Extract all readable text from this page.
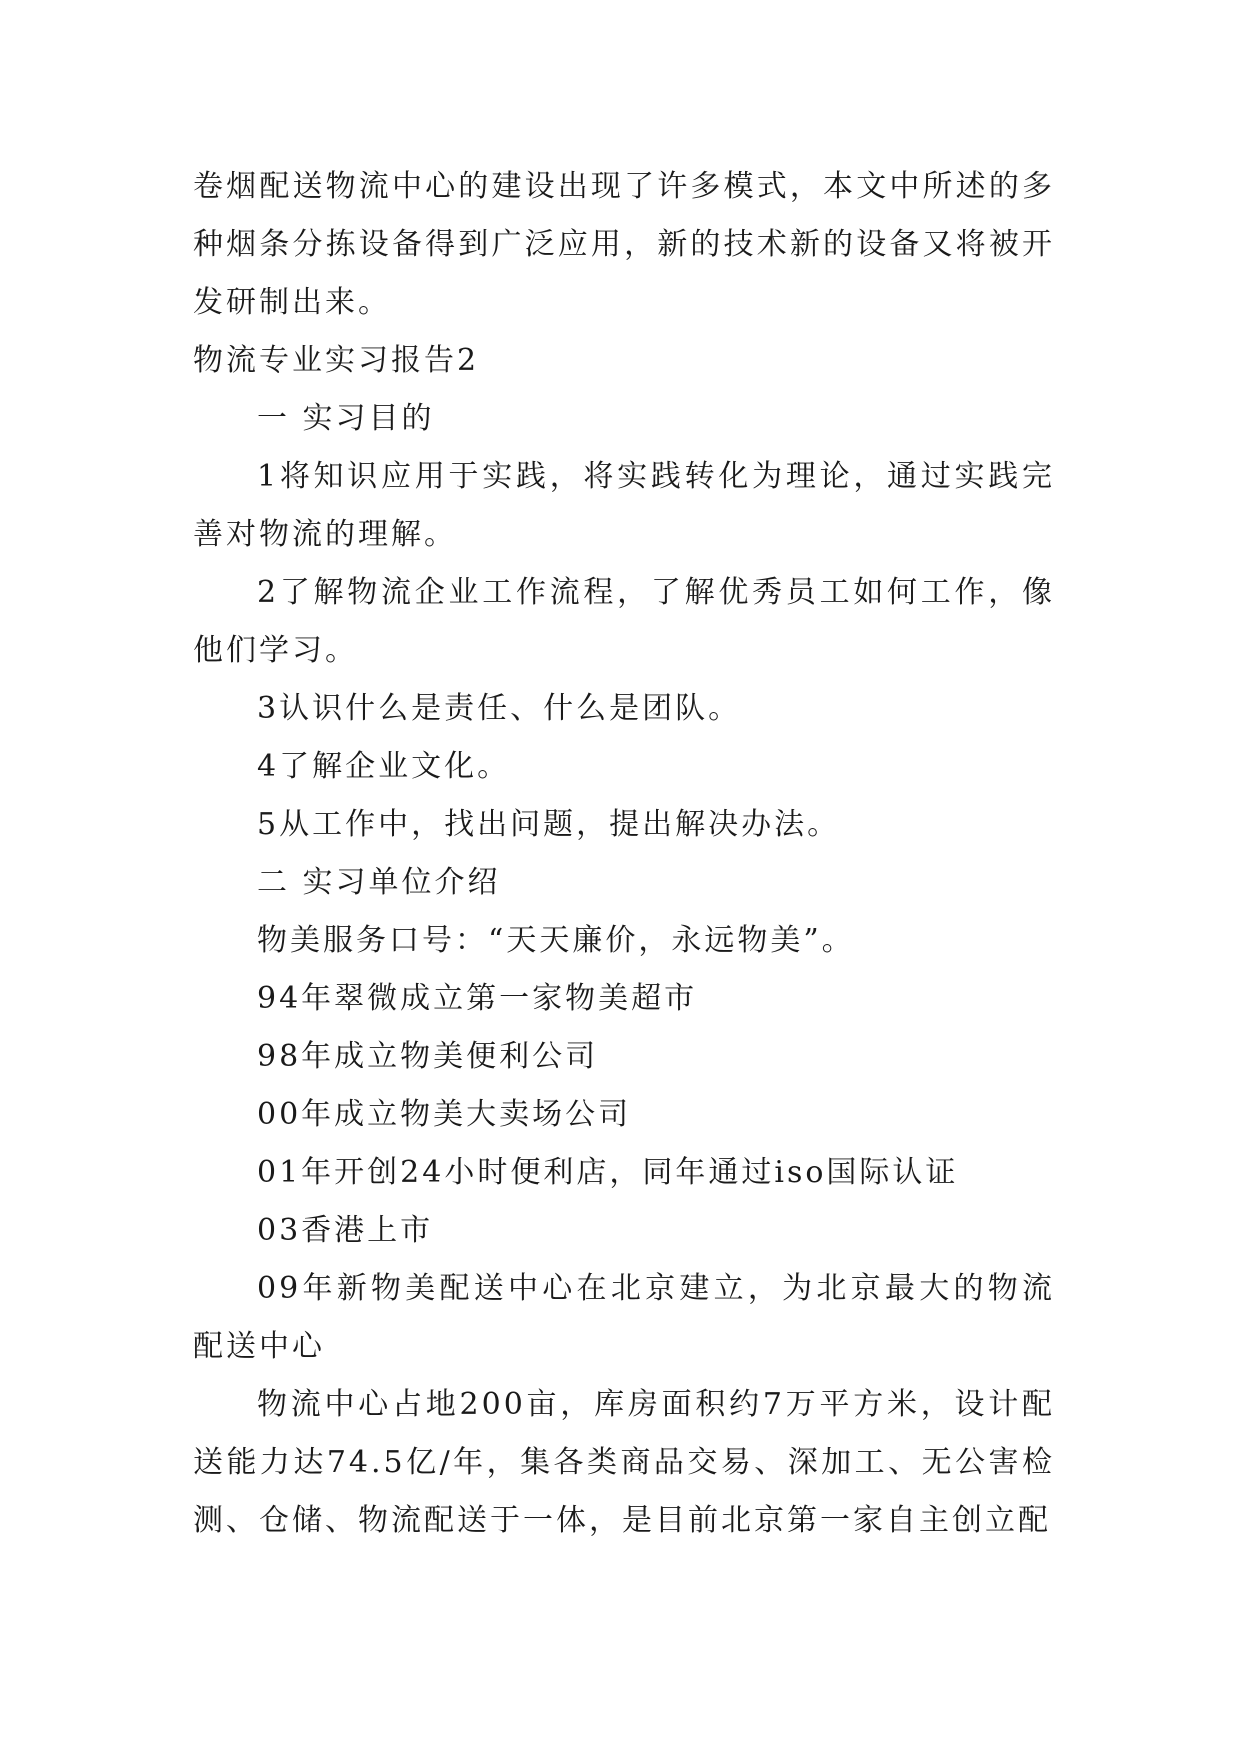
卷烟配送物流中心的建设出现了许多模式，本文中所述的多种烟条分拣设备得到广泛应用，新的技术新的设备又将被开发研制出来。

物流专业实习报告2

一 实习目的

1将知识应用于实践，将实践转化为理论，通过实践完善对物流的理解。

2了解物流企业工作流程，了解优秀员工如何工作，像他们学习。

3认识什么是责任、什么是团队。

4了解企业文化。

5从工作中，找出问题，提出解决办法。

二 实习单位介绍

物美服务口号：“天天廉价，永远物美”。

94年翠微成立第一家物美超市

98年成立物美便利公司

00年成立物美大卖场公司

01年开创24小时便利店，同年通过iso国际认证

03香港上市

09年新物美配送中心在北京建立，为北京最大的物流配送中心

物流中心占地200亩，库房面积约7万平方米，设计配送能力达74.5亿/年，集各类商品交易、深加工、无公害检测、仓储、物流配送于一体，是目前北京第一家自主创立配
